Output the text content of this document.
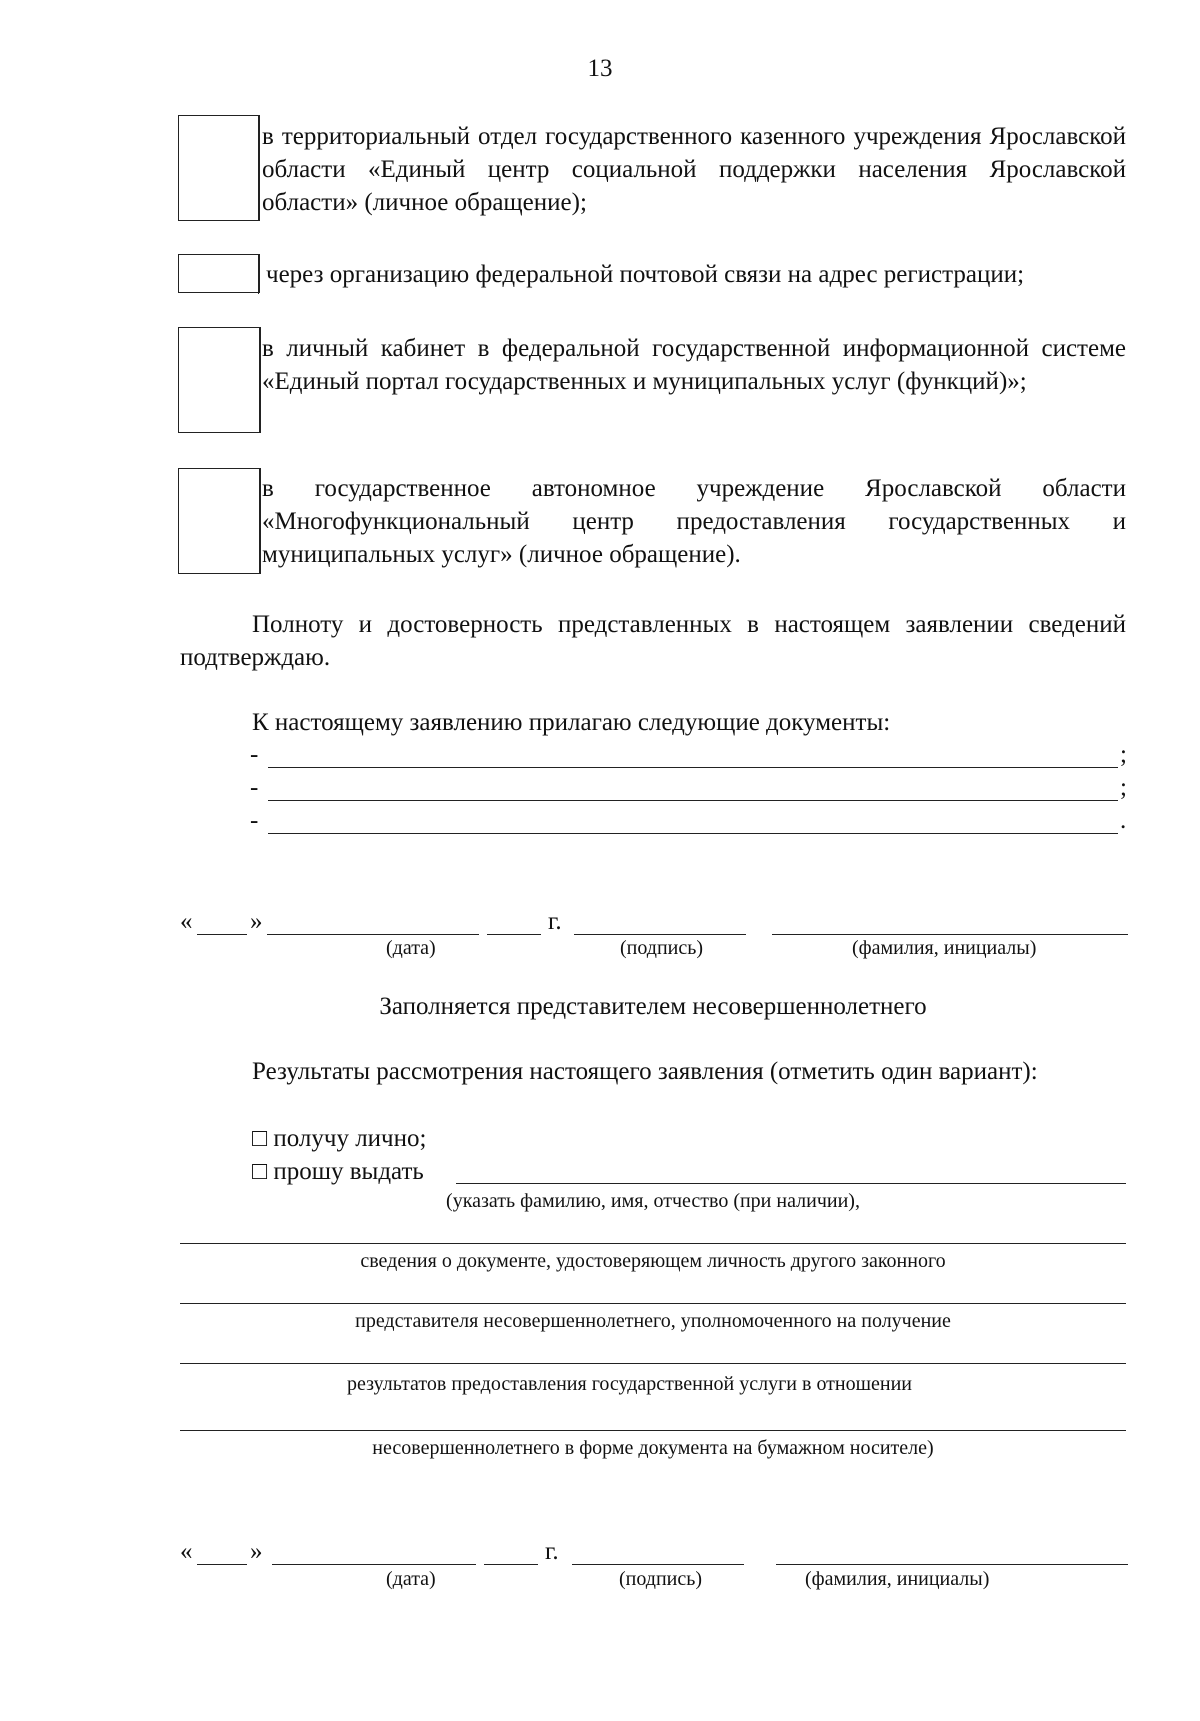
13
в территориальный отдел государственного казенного учреждения Ярославской области «Единый центр социальной поддержки населения Ярославской области» (личное обращение);
через организацию федеральной почтовой связи на адрес регистрации;
в личный кабинет в федеральной государственной информационной системе «Единый портал государственных и муниципальных услуг (функций)»;
в государственное автономное учреждение Ярославской области «Многофункциональный центр предоставления государственных и муниципальных услуг» (личное обращение).
Полноту и достоверность представленных в настоящем заявлении сведений подтверждаю.
К настоящему заявлению прилагаю следующие документы:
-	;
-	;
-	.
« »	г.
(дата)	(подпись)	(фамилия, инициалы)
Заполняется представителем несовершеннолетнего
Результаты рассмотрения настоящего заявления (отметить один вариант):
□ получу лично;
□ прошу выдать
(указать фамилию, имя, отчество (при наличии),
сведения о документе, удостоверяющем личность другого законного
представителя несовершеннолетнего, уполномоченного на получение
результатов предоставления государственной услуги в отношении
несовершеннолетнего в форме документа на бумажном носителе)
« »	г.
(дата)	(подпись)	(фамилия, инициалы)
